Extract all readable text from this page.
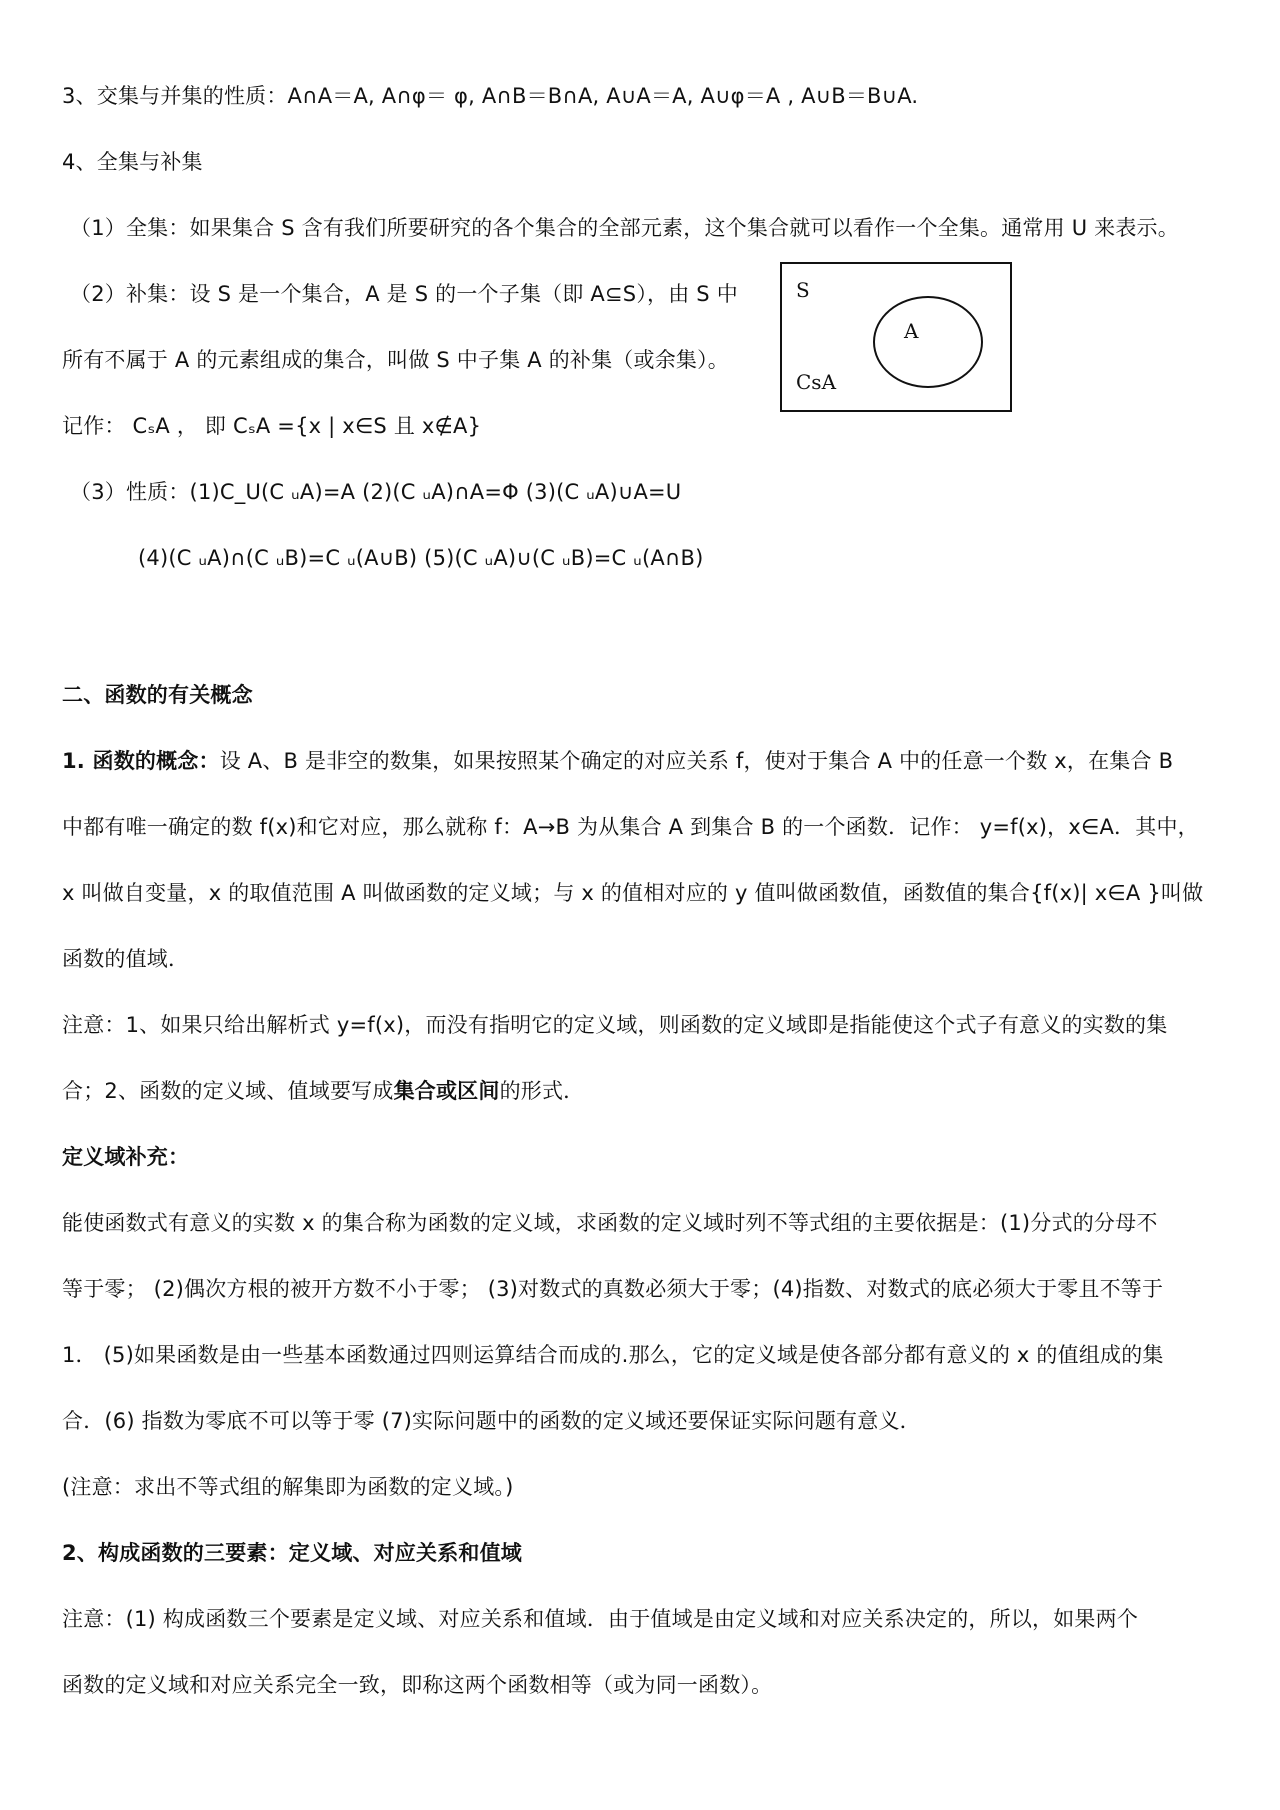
3、交集与并集的性质：A∩A＝A, A∩φ＝ φ, A∩B＝B∩A, A∪A＝A, A∪φ＝A , A∪B＝B∪A.
4、全集与补集
（1）全集：如果集合 S 含有我们所要研究的各个集合的全部元素，这个集合就可以看作一个全集。通常用 U 来表示。
（2）补集：设 S 是一个集合，A 是 S 的一个子集（即 A⊆S），由 S 中
所有不属于 A 的元素组成的集合，叫做 S 中子集 A 的补集（或余集）。
记作： CₛA ， 即 CₛA ={x | x∈S 且 x∉A}
（3）性质：(1)C_U(C ᵤA)=A (2)(C ᵤA)∩A=Φ (3)(C ᵤA)∪A=U
(4)(C ᵤA)∩(C ᵤB)=C ᵤ(A∪B) (5)(C ᵤA)∪(C ᵤB)=C ᵤ(A∩B)
S
A
CsA
二、函数的有关概念
1. 函数的概念：设 A、B 是非空的数集，如果按照某个确定的对应关系 f，使对于集合 A 中的任意一个数 x，在集合 B
中都有唯一确定的数 f(x)和它对应，那么就称 f：A→B 为从集合 A 到集合 B 的一个函数．记作： y=f(x)，x∈A．其中，
x 叫做自变量，x 的取值范围 A 叫做函数的定义域；与 x 的值相对应的 y 值叫做函数值，函数值的集合{f(x)| x∈A }叫做
函数的值域．
注意：1、如果只给出解析式 y=f(x)，而没有指明它的定义域，则函数的定义域即是指能使这个式子有意义的实数的集
合；2、函数的定义域、值域要写成集合或区间的形式．
定义域补充：
能使函数式有意义的实数 x 的集合称为函数的定义域，求函数的定义域时列不等式组的主要依据是：(1)分式的分母不
等于零； (2)偶次方根的被开方数不小于零； (3)对数式的真数必须大于零；(4)指数、对数式的底必须大于零且不等于
1． (5)如果函数是由一些基本函数通过四则运算结合而成的.那么，它的定义域是使各部分都有意义的 x 的值组成的集
合．(6) 指数为零底不可以等于零 (7)实际问题中的函数的定义域还要保证实际问题有意义．
(注意：求出不等式组的解集即为函数的定义域。)
2、构成函数的三要素：定义域、对应关系和值域
注意：(1) 构成函数三个要素是定义域、对应关系和值域．由于值域是由定义域和对应关系决定的，所以，如果两个
函数的定义域和对应关系完全一致，即称这两个函数相等（或为同一函数）。
